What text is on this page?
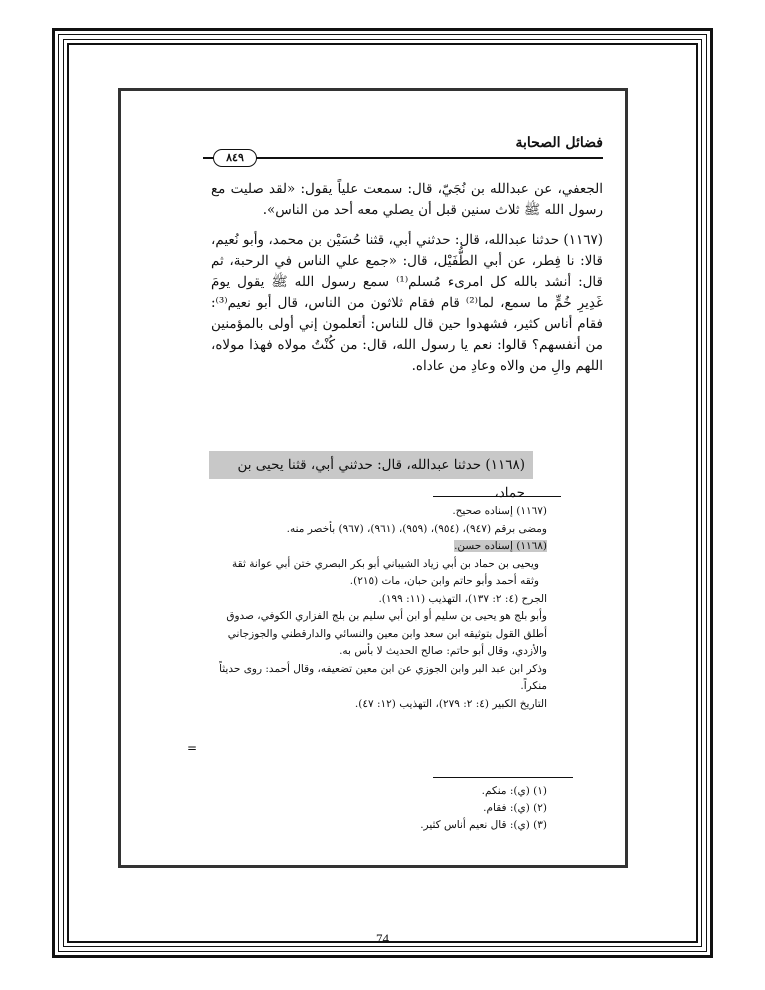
فضائل الصحابة
٨٤٩

الجعفي، عن عبدالله بن نُجَيّ، قال: سمعت علياً يقول: «لقد صليت مع رسول الله ﷺ ثلاث سنين قبل أن يصلي معه أحد من الناس».

(١١٦٧) حدثنا عبدالله، قال: حدثني أبي، قثنا حُسَيْن بن محمد، وأبو نُعيم، قالا: نا فِطر، عن أبي الطُّفَيْل، قال: «جمع علي الناس في الرحبة، ثم قال: أنشد بالله كل امرىء مُسلم⁽¹⁾ سمع رسول الله ﷺ يقول يومَ غَدِيرِ خُمٍّ ما سمع، لما⁽²⁾ قام فقام ثلاثون من الناس، قال أبو نعيم⁽³⁾: فقام أناس كثير، فشهدوا حين قال للناس: أتعلمون إني أولى بالمؤمنين من أنفسهم؟ قالوا: نعم يا رسول الله، قال: من كُنْتُ مولاه فهذا مولاه، اللهم والِ من والاه وعادِ من عاداه.

(١١٦٨) حدثنا عبدالله، قال: حدثني أبي، قثنا يحيى بن حماد،
(١١٦٧) إسناده صحيح.
ومضى برقم (٩٤٧)، (٩٥٤)، (٩٥٩)، (٩٦١)، (٩٦٧) بأخصر منه.
(١١٦٨) إسناده حسن.
ويحيى بن حماد بن أبي زياد الشيباني أبو بكر البصري ختن أبي عوانة ثقة وثقه أحمد وأبو حاتم وابن حبان، مات (٢١٥).
الجرح (٤: ٢: ١٣٧)، التهذيب (١١: ١٩٩).
وأبو بلج هو يحيى بن سليم أو ابن أبي سليم بن بلج الفزاري الكوفي، صدوق أطلق القول بتوثيقه ابن سعد وابن معين والنسائي والدارقطني والجوزجاني والأزدي، وقال أبو حاتم: صالح الحديث لا بأس به.
وذكر ابن عبد البر وابن الجوزي عن ابن معين تضعيفه، وقال أحمد: روى حديثاً منكراً.
التاريخ الكبير (٤: ٢: ٢٧٩)، التهذيب (١٢: ٤٧).
=
(١) (ي): منكم.
(٢) (ي): فقام.
(٣) (ي): قال نعيم أناس كثير.
74
